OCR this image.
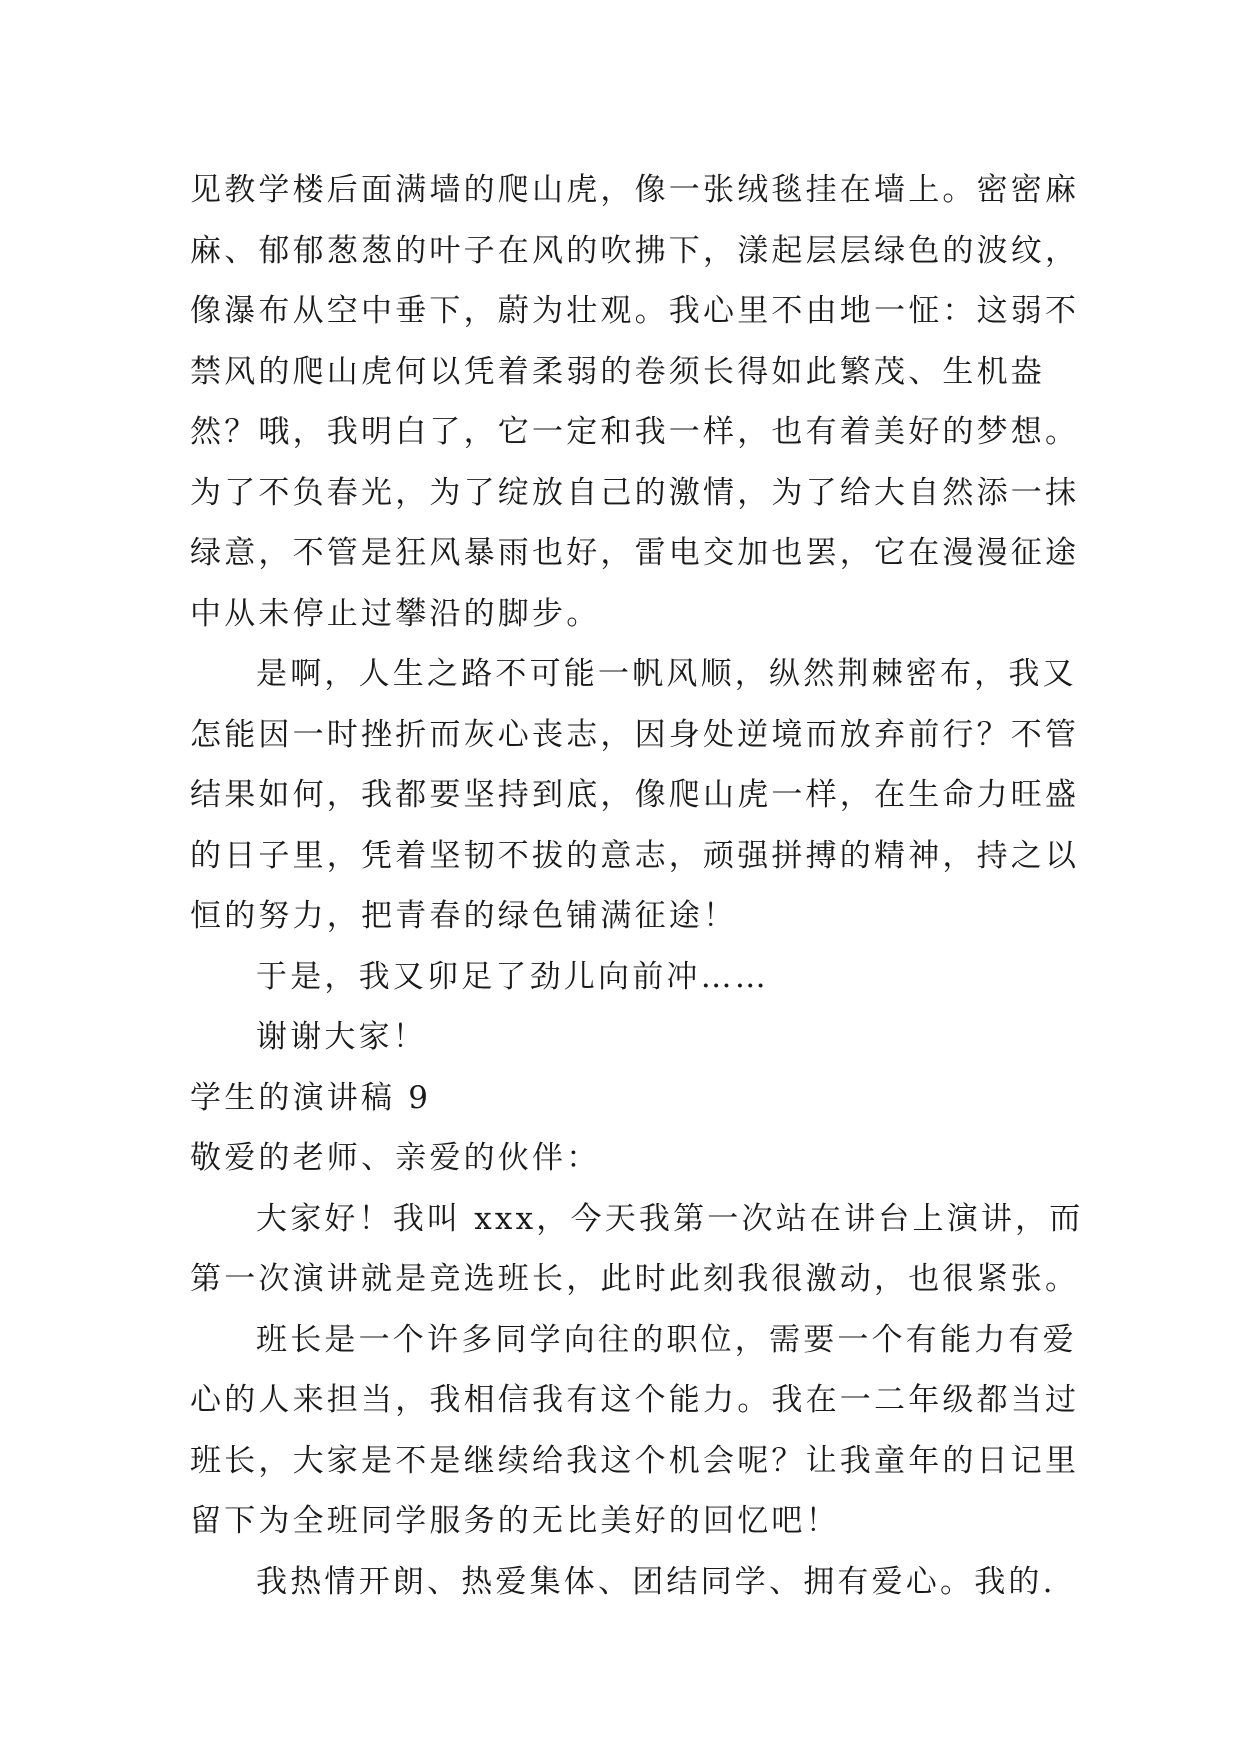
见教学楼后面满墙的爬山虎，像一张绒毯挂在墙上。密密麻
麻、郁郁葱葱的叶子在风的吹拂下，漾起层层绿色的波纹，
像瀑布从空中垂下，蔚为壮观。我心里不由地一怔：这弱不
禁风的爬山虎何以凭着柔弱的卷须长得如此繁茂、生机盎
然？哦，我明白了，它一定和我一样，也有着美好的梦想。
为了不负春光，为了绽放自己的激情，为了给大自然添一抹
绿意，不管是狂风暴雨也好，雷电交加也罢，它在漫漫征途
中从未停止过攀沿的脚步。
是啊，人生之路不可能一帆风顺，纵然荆棘密布，我又
怎能因一时挫折而灰心丧志，因身处逆境而放弃前行？不管
结果如何，我都要坚持到底，像爬山虎一样，在生命力旺盛
的日子里，凭着坚韧不拔的意志，顽强拼搏的精神，持之以
恒的努力，把青春的绿色铺满征途！
于是，我又卯足了劲儿向前冲……
谢谢大家！
学生的演讲稿 9
敬爱的老师、亲爱的伙伴：
大家好！我叫 xxx，今天我第一次站在讲台上演讲，而
第一次演讲就是竞选班长，此时此刻我很激动，也很紧张。
班长是一个许多同学向往的职位，需要一个有能力有爱
心的人来担当，我相信我有这个能力。我在一二年级都当过
班长，大家是不是继续给我这个机会呢？让我童年的日记里
留下为全班同学服务的无比美好的回忆吧！
我热情开朗、热爱集体、团结同学、拥有爱心。我的.
